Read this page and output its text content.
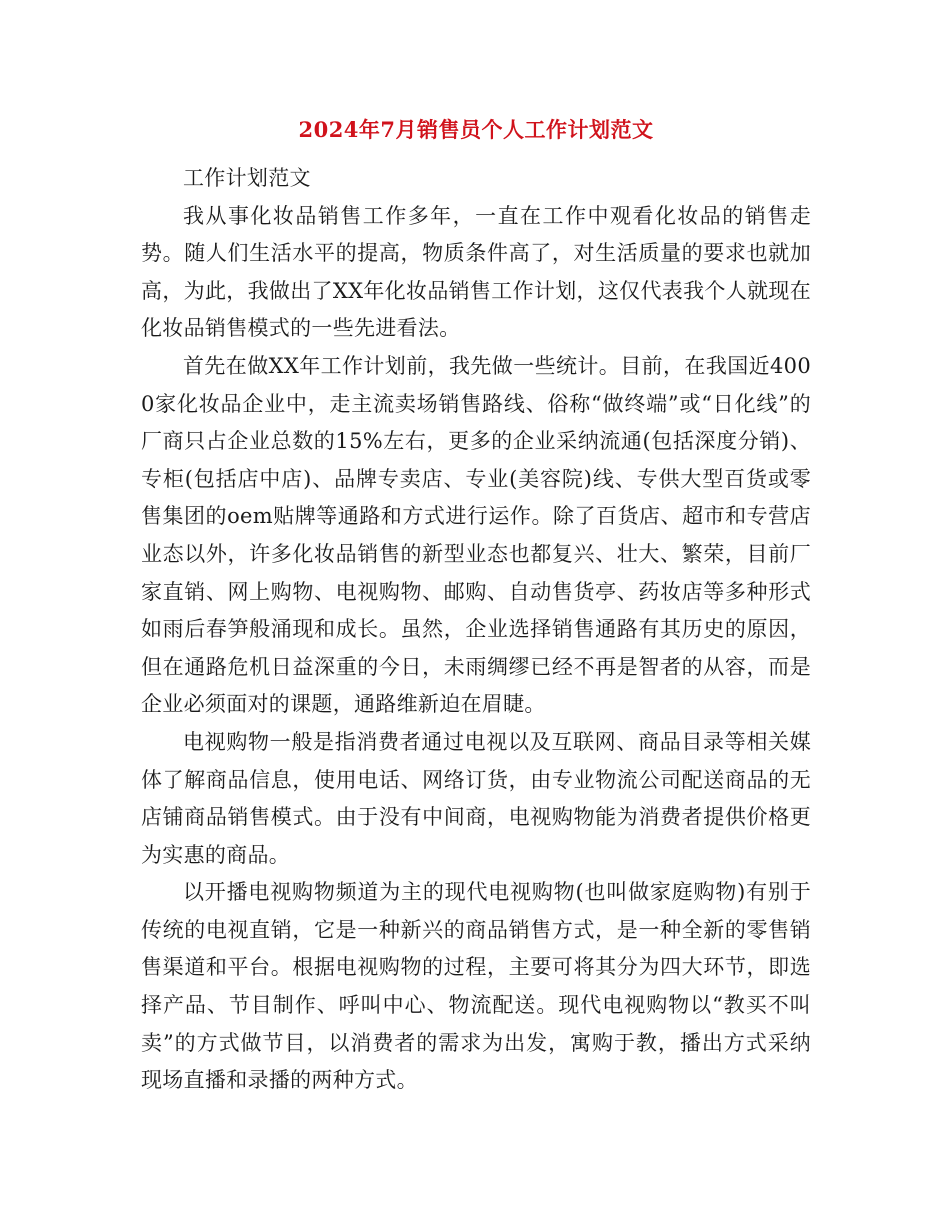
2024年7月销售员个人工作计划范文

工作计划范文

我从事化妆品销售工作多年，一直在工作中观看化妆品的销售走势。随人们生活水平的提高，物质条件高了，对生活质量的要求也就加高，为此，我做出了XX年化妆品销售工作计划，这仅代表我个人就现在化妆品销售模式的一些先进看法。

首先在做XX年工作计划前，我先做一些统计。目前，在我国近4000家化妆品企业中，走主流卖场销售路线、俗称“做终端”或“日化线”的厂商只占企业总数的15%左右，更多的企业采纳流通(包括深度分销)、专柜(包括店中店)、品牌专卖店、专业(美容院)线、专供大型百货或零售集团的oem贴牌等通路和方式进行运作。除了百货店、超市和专营店业态以外，许多化妆品销售的新型业态也都复兴、壮大、繁荣，目前厂家直销、网上购物、电视购物、邮购、自动售货亭、药妆店等多种形式如雨后春笋般涌现和成长。虽然，企业选择销售通路有其历史的原因，但在通路危机日益深重的今日，未雨绸缪已经不再是智者的从容，而是企业必须面对的课题，通路维新迫在眉睫。

电视购物一般是指消费者通过电视以及互联网、商品目录等相关媒体了解商品信息，使用电话、网络订货，由专业物流公司配送商品的无店铺商品销售模式。由于没有中间商，电视购物能为消费者提供价格更为实惠的商品。

以开播电视购物频道为主的现代电视购物(也叫做家庭购物)有别于传统的电视直销，它是一种新兴的商品销售方式，是一种全新的零售销售渠道和平台。根据电视购物的过程，主要可将其分为四大环节，即选择产品、节目制作、呼叫中心、物流配送。现代电视购物以“教买不叫卖”的方式做节目，以消费者的需求为出发，寓购于教，播出方式采纳现场直播和录播的两种方式。
